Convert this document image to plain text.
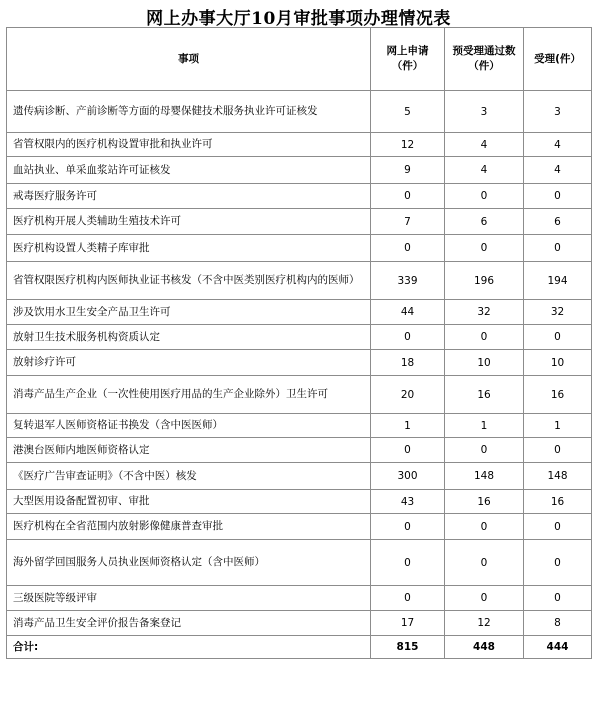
网上办事大厅10月审批事项办理情况表
事项	网上申请（件）	预受理通过数（件）	受理(件）
遗传病诊断、产前诊断等方面的母婴保健技术服务执业许可证核发	5	3	3
省管权限内的医疗机构设置审批和执业许可	12	4	4
血站执业、单采血浆站许可证核发	9	4	4
戒毒医疗服务许可	0	0	0
医疗机构开展人类辅助生殖技术许可	7	6	6
医疗机构设置人类精子库审批	0	0	0
省管权限医疗机构内医师执业证书核发（不含中医类别医疗机构内的医师）	339	196	194
涉及饮用水卫生安全产品卫生许可	44	32	32
放射卫生技术服务机构资质认定	0	0	0
放射诊疗许可	18	10	10
消毒产品生产企业（一次性使用医疗用品的生产企业除外）卫生许可	20	16	16
复转退军人医师资格证书换发（含中医医师）	1	1	1
港澳台医师内地医师资格认定	0	0	0
《医疗广告审查证明》（不含中医）核发	300	148	148
大型医用设备配置初审、审批	43	16	16
医疗机构在全省范围内放射影像健康普查审批	0	0	0
海外留学回国服务人员执业医师资格认定（含中医师）	0	0	0
三级医院等级评审	0	0	0
消毒产品卫生安全评价报告备案登记	17	12	8
合计:	815	448	444
